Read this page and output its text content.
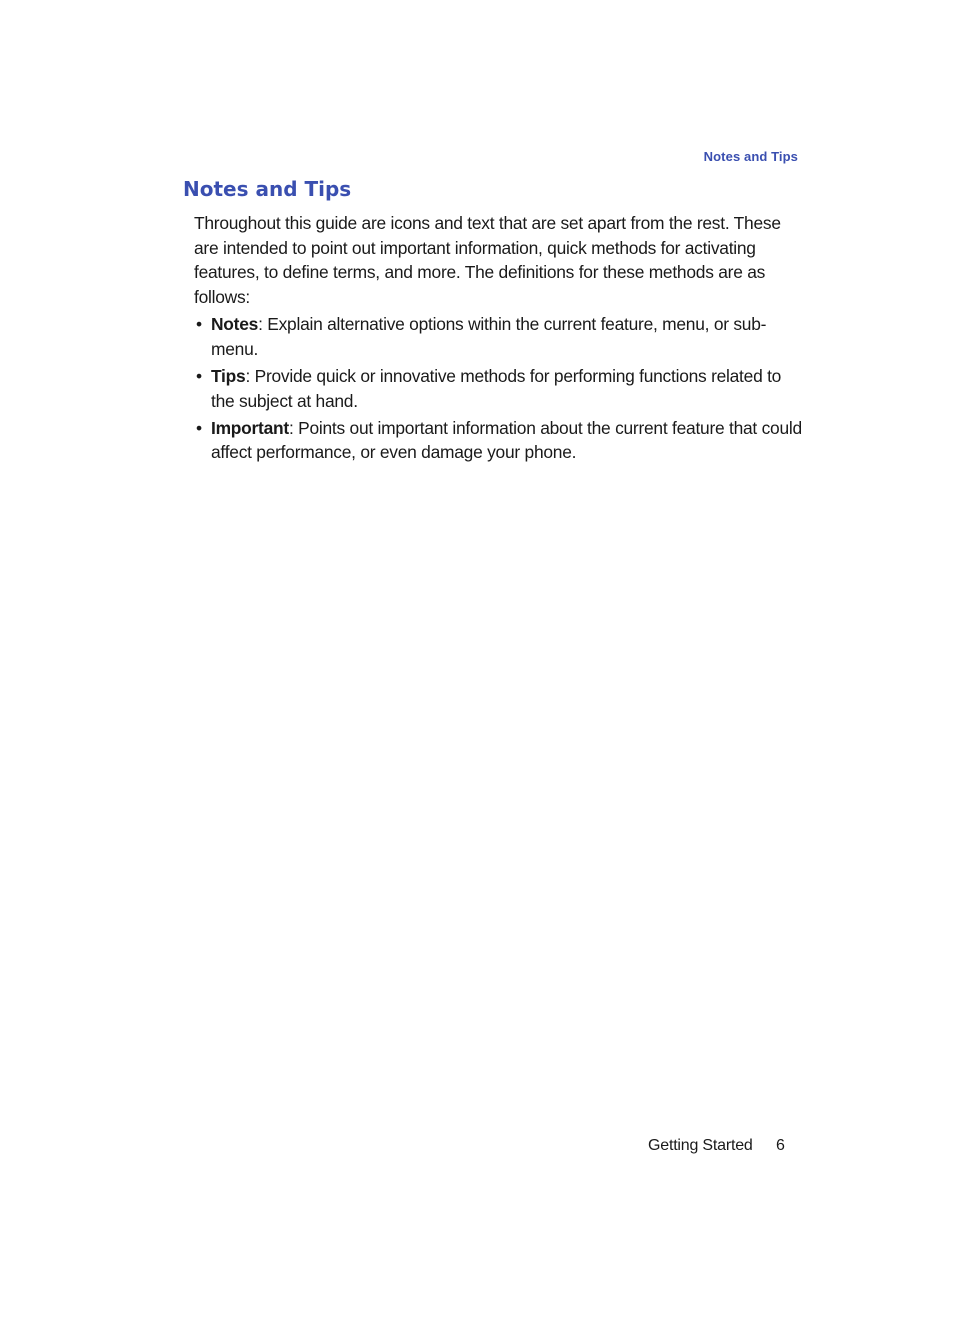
Notes and Tips
Notes and Tips

Throughout this guide are icons and text that are set apart from the rest. These are intended to point out important information, quick methods for activating features, to define terms, and more. The definitions for these methods are as follows:

• Notes: Explain alternative options within the current feature, menu, or sub-menu.
• Tips: Provide quick or innovative methods for performing functions related to the subject at hand.
• Important: Points out important information about the current feature that could affect performance, or even damage your phone.
Getting Started 6
